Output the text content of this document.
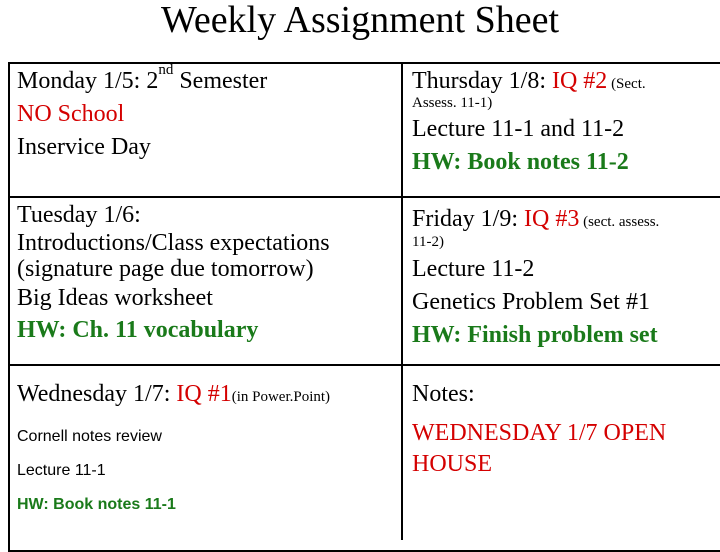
Weekly Assignment Sheet
Monday 1/5: 2nd Semester
NO School
Inservice Day
Thursday 1/8: IQ #2 (Sect.
Assess. 11-1)
Lecture 11-1 and 11-2
HW: Book notes 11-2
Tuesday 1/6:
Introductions/Class expectations
(signature page due tomorrow)
Big Ideas worksheet
HW: Ch. 11 vocabulary
Friday 1/9: IQ #3 (sect. assess.
11-2)
Lecture 11-2
Genetics Problem Set #1
HW: Finish problem set
Wednesday 1/7: IQ #1(in Power.Point)
Cornell notes review
Lecture 11-1
HW: Book notes 11-1
Notes:
WEDNESDAY 1/7 OPEN
HOUSE
